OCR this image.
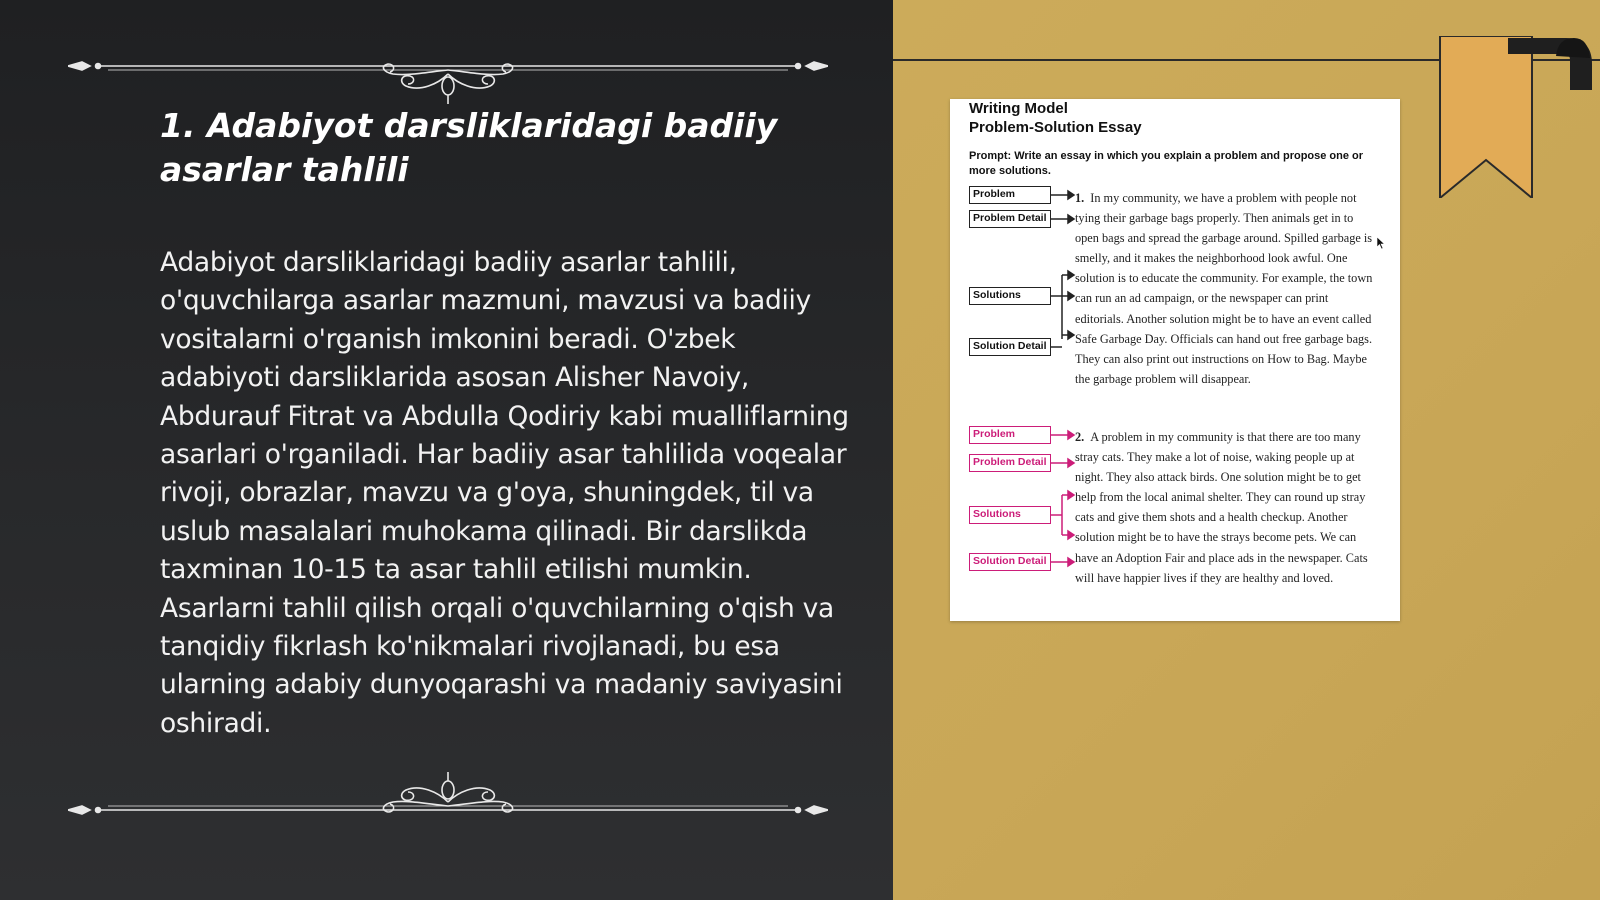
1. Adabiyot darsliklaridagi badiiy asarlar tahlili

Adabiyot darsliklaridagi badiiy asarlar tahlili, o'quvchilarga asarlar mazmuni, mavzusi va badiiy vositalarni o'rganish imkonini beradi. O'zbek adabiyoti darsliklarida asosan Alisher Navoiy, Abdurauf Fitrat va Abdulla Qodiriy kabi mualliflarning asarlari o'rganiladi. Har badiiy asar tahlilida voqealar rivoji, obrazlar, mavzu va g'oya, shuningdek, til va uslub masalalari muhokama qilinadi. Bir darslikda taxminan 10-15 ta asar tahlil etilishi mumkin. Asarlarni tahlil qilish orqali o'quvchilarning o'qish va tanqidiy fikrlash ko'nikmalari rivojlanadi, bu esa ularning adabiy dunyoqarashi va madaniy saviyasini oshiradi.

Writing Model
Problem-Solution Essay

Prompt: Write an essay in which you explain a problem and propose one or more solutions.

Problem
Problem Detail
Solutions
Solution Detail
Problem
Problem Detail
Solutions
Solution Detail

1. In my community, we have a problem with people not tying their garbage bags properly. Then animals get in to open bags and spread the garbage around. Spilled garbage is smelly, and it makes the neighborhood look awful. One solution is to educate the community. For example, the town can run an ad campaign, or the newspaper can print editorials. Another solution might be to have an event called Safe Garbage Day. Officials can hand out free garbage bags. They can also print out instructions on How to Bag. Maybe the garbage problem will disappear.

2. A problem in my community is that there are too many stray cats. They make a lot of noise, waking people up at night. They also attack birds. One solution might be to get help from the local animal shelter. They can round up stray cats and give them shots and a health checkup. Another solution might be to have the strays become pets. We can have an Adoption Fair and place ads in the newspaper. Cats will have happier lives if they are healthy and loved.
